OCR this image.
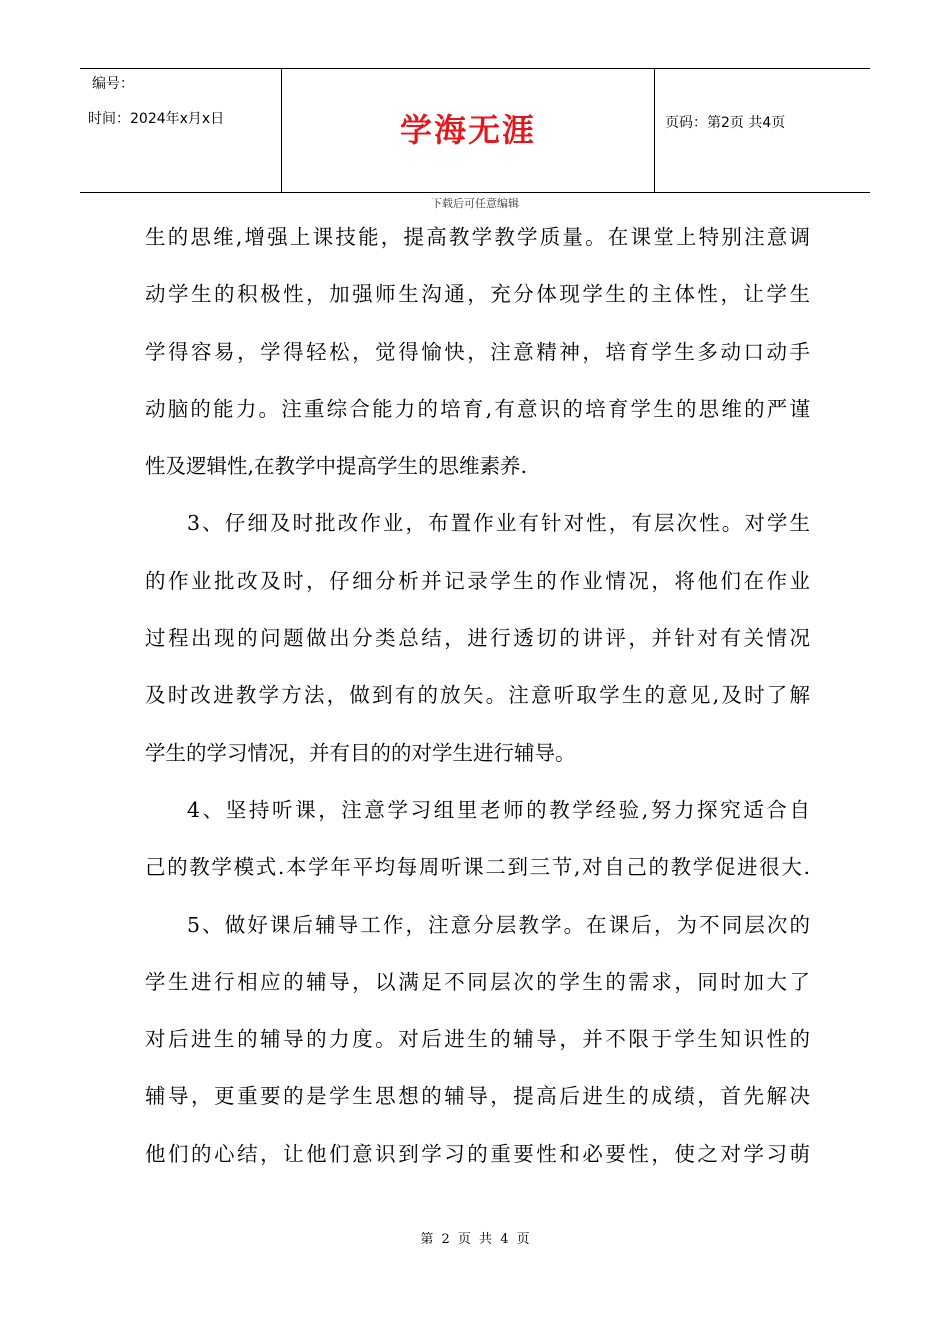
编号：
时间：2024年x月x日	学海无涯	页码：第2页 共4页
下载后可任意编辑

生的思维,增强上课技能，提高教学教学质量。在课堂上特别注意调
动学生的积极性，加强师生沟通，充分体现学生的主体性，让学生
学得容易，学得轻松，觉得愉快，注意精神，培育学生多动口动手
动脑的能力。注重综合能力的培育,有意识的培育学生的思维的严谨
性及逻辑性,在教学中提高学生的思维素养.

3、仔细及时批改作业，布置作业有针对性，有层次性。对学生
的作业批改及时，仔细分析并记录学生的作业情况，将他们在作业
过程出现的问题做出分类总结，进行透切的讲评，并针对有关情况
及时改进教学方法，做到有的放矢。注意听取学生的意见,及时了解
学生的学习情况，并有目的的对学生进行辅导。

4、坚持听课，注意学习组里老师的教学经验,努力探究适合自
己的教学模式.本学年平均每周听课二到三节,对自己的教学促进很大.

5、做好课后辅导工作，注意分层教学。在课后，为不同层次的
学生进行相应的辅导，以满足不同层次的学生的需求，同时加大了
对后进生的辅导的力度。对后进生的辅导，并不限于学生知识性的
辅导，更重要的是学生思想的辅导，提高后进生的成绩，首先解决
他们的心结，让他们意识到学习的重要性和必要性，使之对学习萌

第 2 页 共 4 页
